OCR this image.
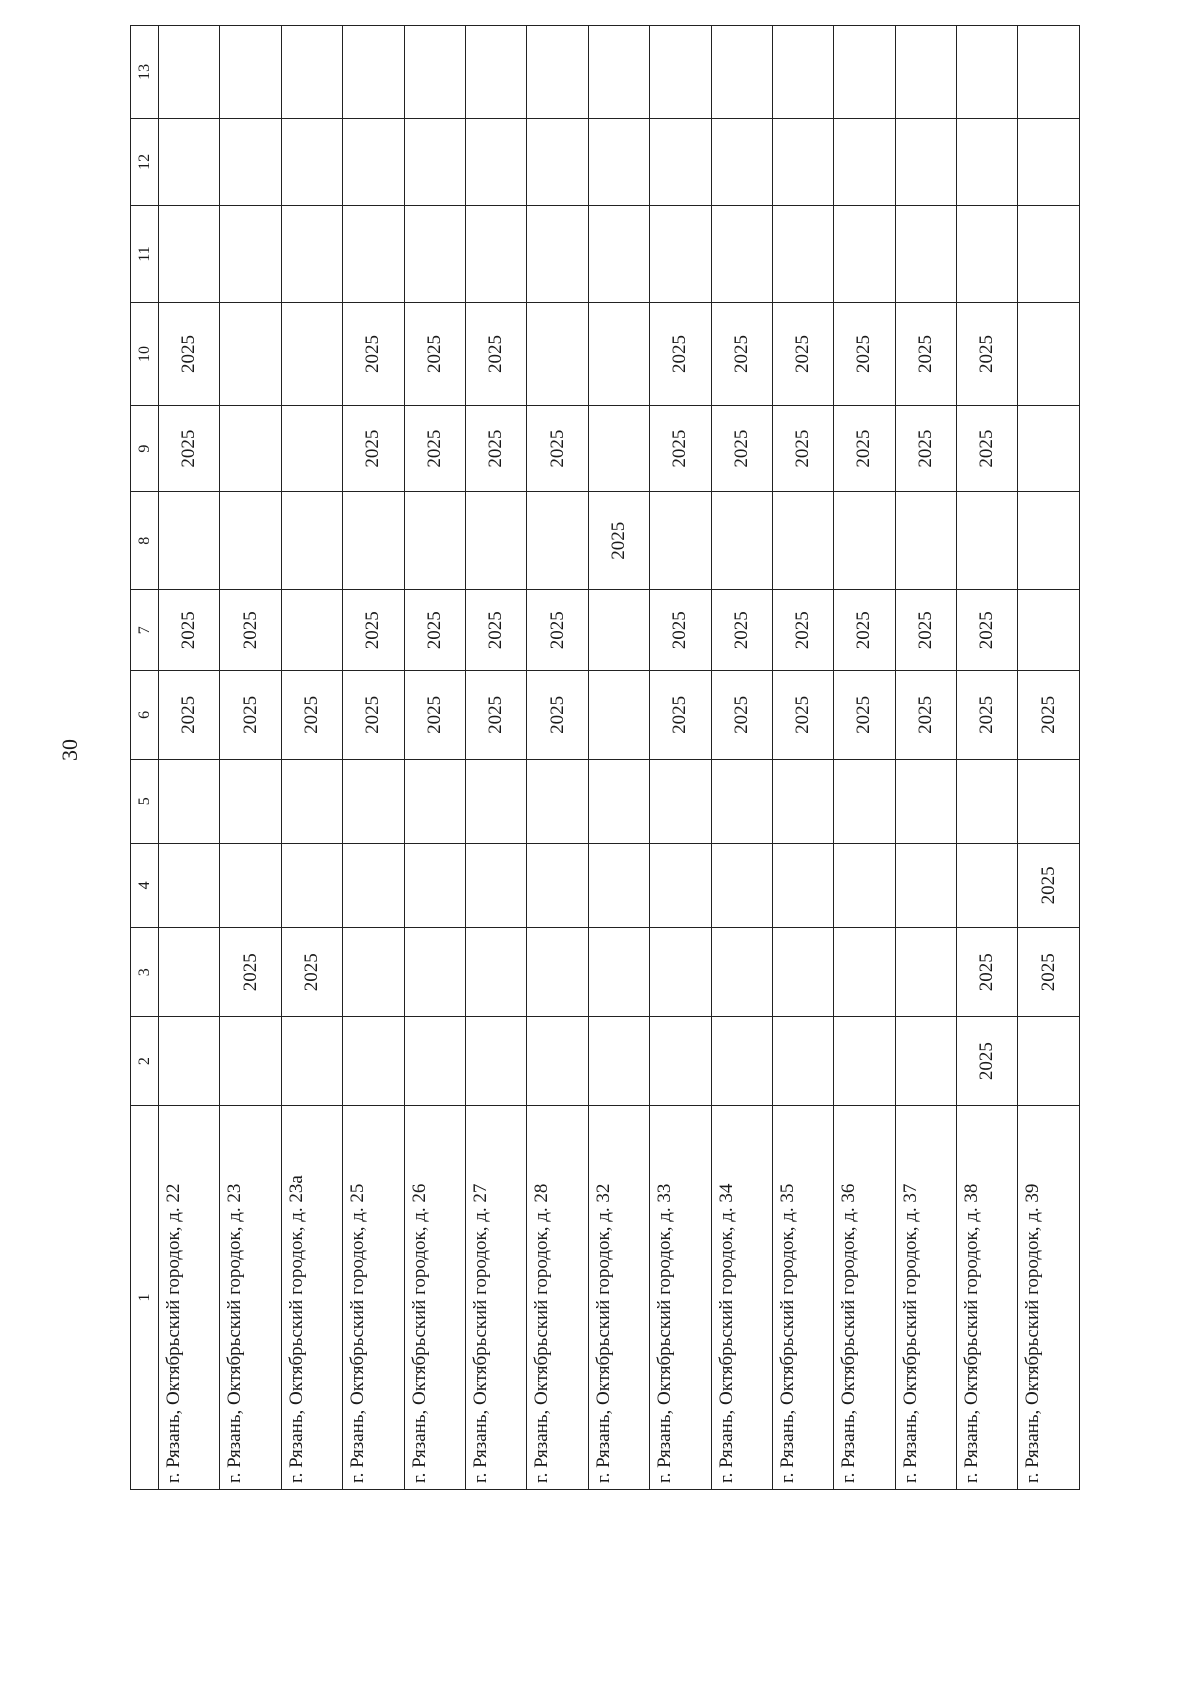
30
1	2	3	4	5	6	7	8	9	10	11	12	13
г. Рязань, Октябрьский городок, д. 22					2025	2025		2025	2025			
г. Рязань, Октябрьский городок, д. 23		2025			2025	2025						
г. Рязань, Октябрьский городок, д. 23а		2025			2025							
г. Рязань, Октябрьский городок, д. 25					2025	2025		2025	2025			
г. Рязань, Октябрьский городок, д. 26					2025	2025		2025	2025			
г. Рязань, Октябрьский городок, д. 27					2025	2025		2025	2025			
г. Рязань, Октябрьский городок, д. 28					2025	2025		2025				
г. Рязань, Октябрьский городок, д. 32							2025					
г. Рязань, Октябрьский городок, д. 33					2025	2025		2025	2025			
г. Рязань, Октябрьский городок, д. 34					2025	2025		2025	2025			
г. Рязань, Октябрьский городок, д. 35					2025	2025		2025	2025			
г. Рязань, Октябрьский городок, д. 36					2025	2025		2025	2025			
г. Рязань, Октябрьский городок, д. 37					2025	2025		2025	2025			
г. Рязань, Октябрьский городок, д. 38	2025	2025			2025	2025		2025	2025			
г. Рязань, Октябрьский городок, д. 39		2025	2025		2025							
